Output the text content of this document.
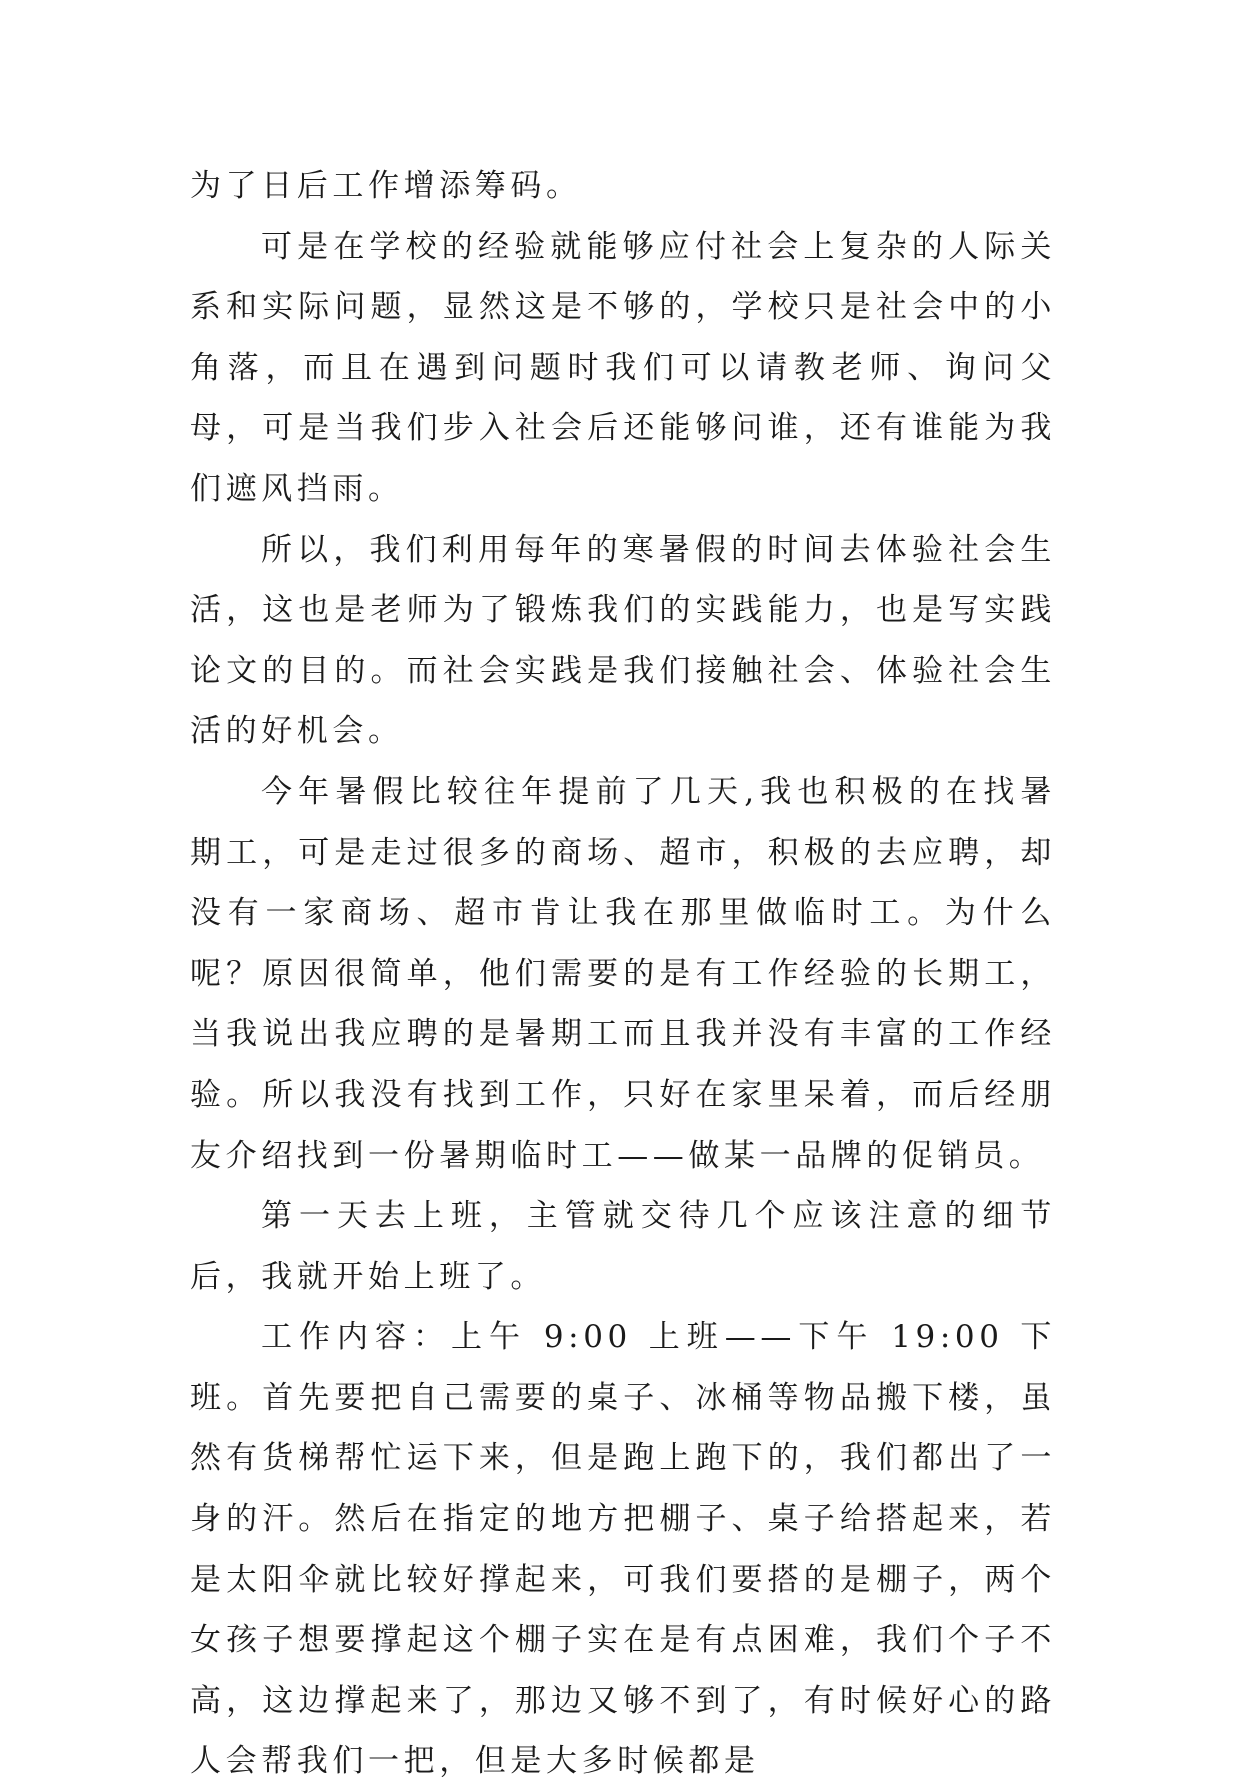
为了日后工作增添筹码。

可是在学校的经验就能够应付社会上复杂的人际关系和实际问题，显然这是不够的，学校只是社会中的小角落，而且在遇到问题时我们可以请教老师、询问父母，可是当我们步入社会后还能够问谁，还有谁能为我们遮风挡雨。

所以，我们利用每年的寒暑假的时间去体验社会生活，这也是老师为了锻炼我们的实践能力，也是写实践论文的目的。而社会实践是我们接触社会、体验社会生活的好机会。

今年暑假比较往年提前了几天,我也积极的在找暑期工，可是走过很多的商场、超市，积极的去应聘，却没有一家商场、超市肯让我在那里做临时工。为什么呢？原因很简单，他们需要的是有工作经验的长期工，当我说出我应聘的是暑期工而且我并没有丰富的工作经验。所以我没有找到工作，只好在家里呆着，而后经朋友介绍找到一份暑期临时工——做某一品牌的促销员。

第一天去上班，主管就交待几个应该注意的细节后，我就开始上班了。

工作内容：上午 9:00 上班——下午 19:00 下班。首先要把自己需要的桌子、冰桶等物品搬下楼，虽然有货梯帮忙运下来，但是跑上跑下的，我们都出了一身的汗。然后在指定的地方把棚子、桌子给搭起来，若是太阳伞就比较好撑起来，可我们要搭的是棚子，两个女孩子想要撑起这个棚子实在是有点困难，我们个子不高，这边撑起来了，那边又够不到了，有时候好心的路人会帮我们一把，但是大多时候都是
